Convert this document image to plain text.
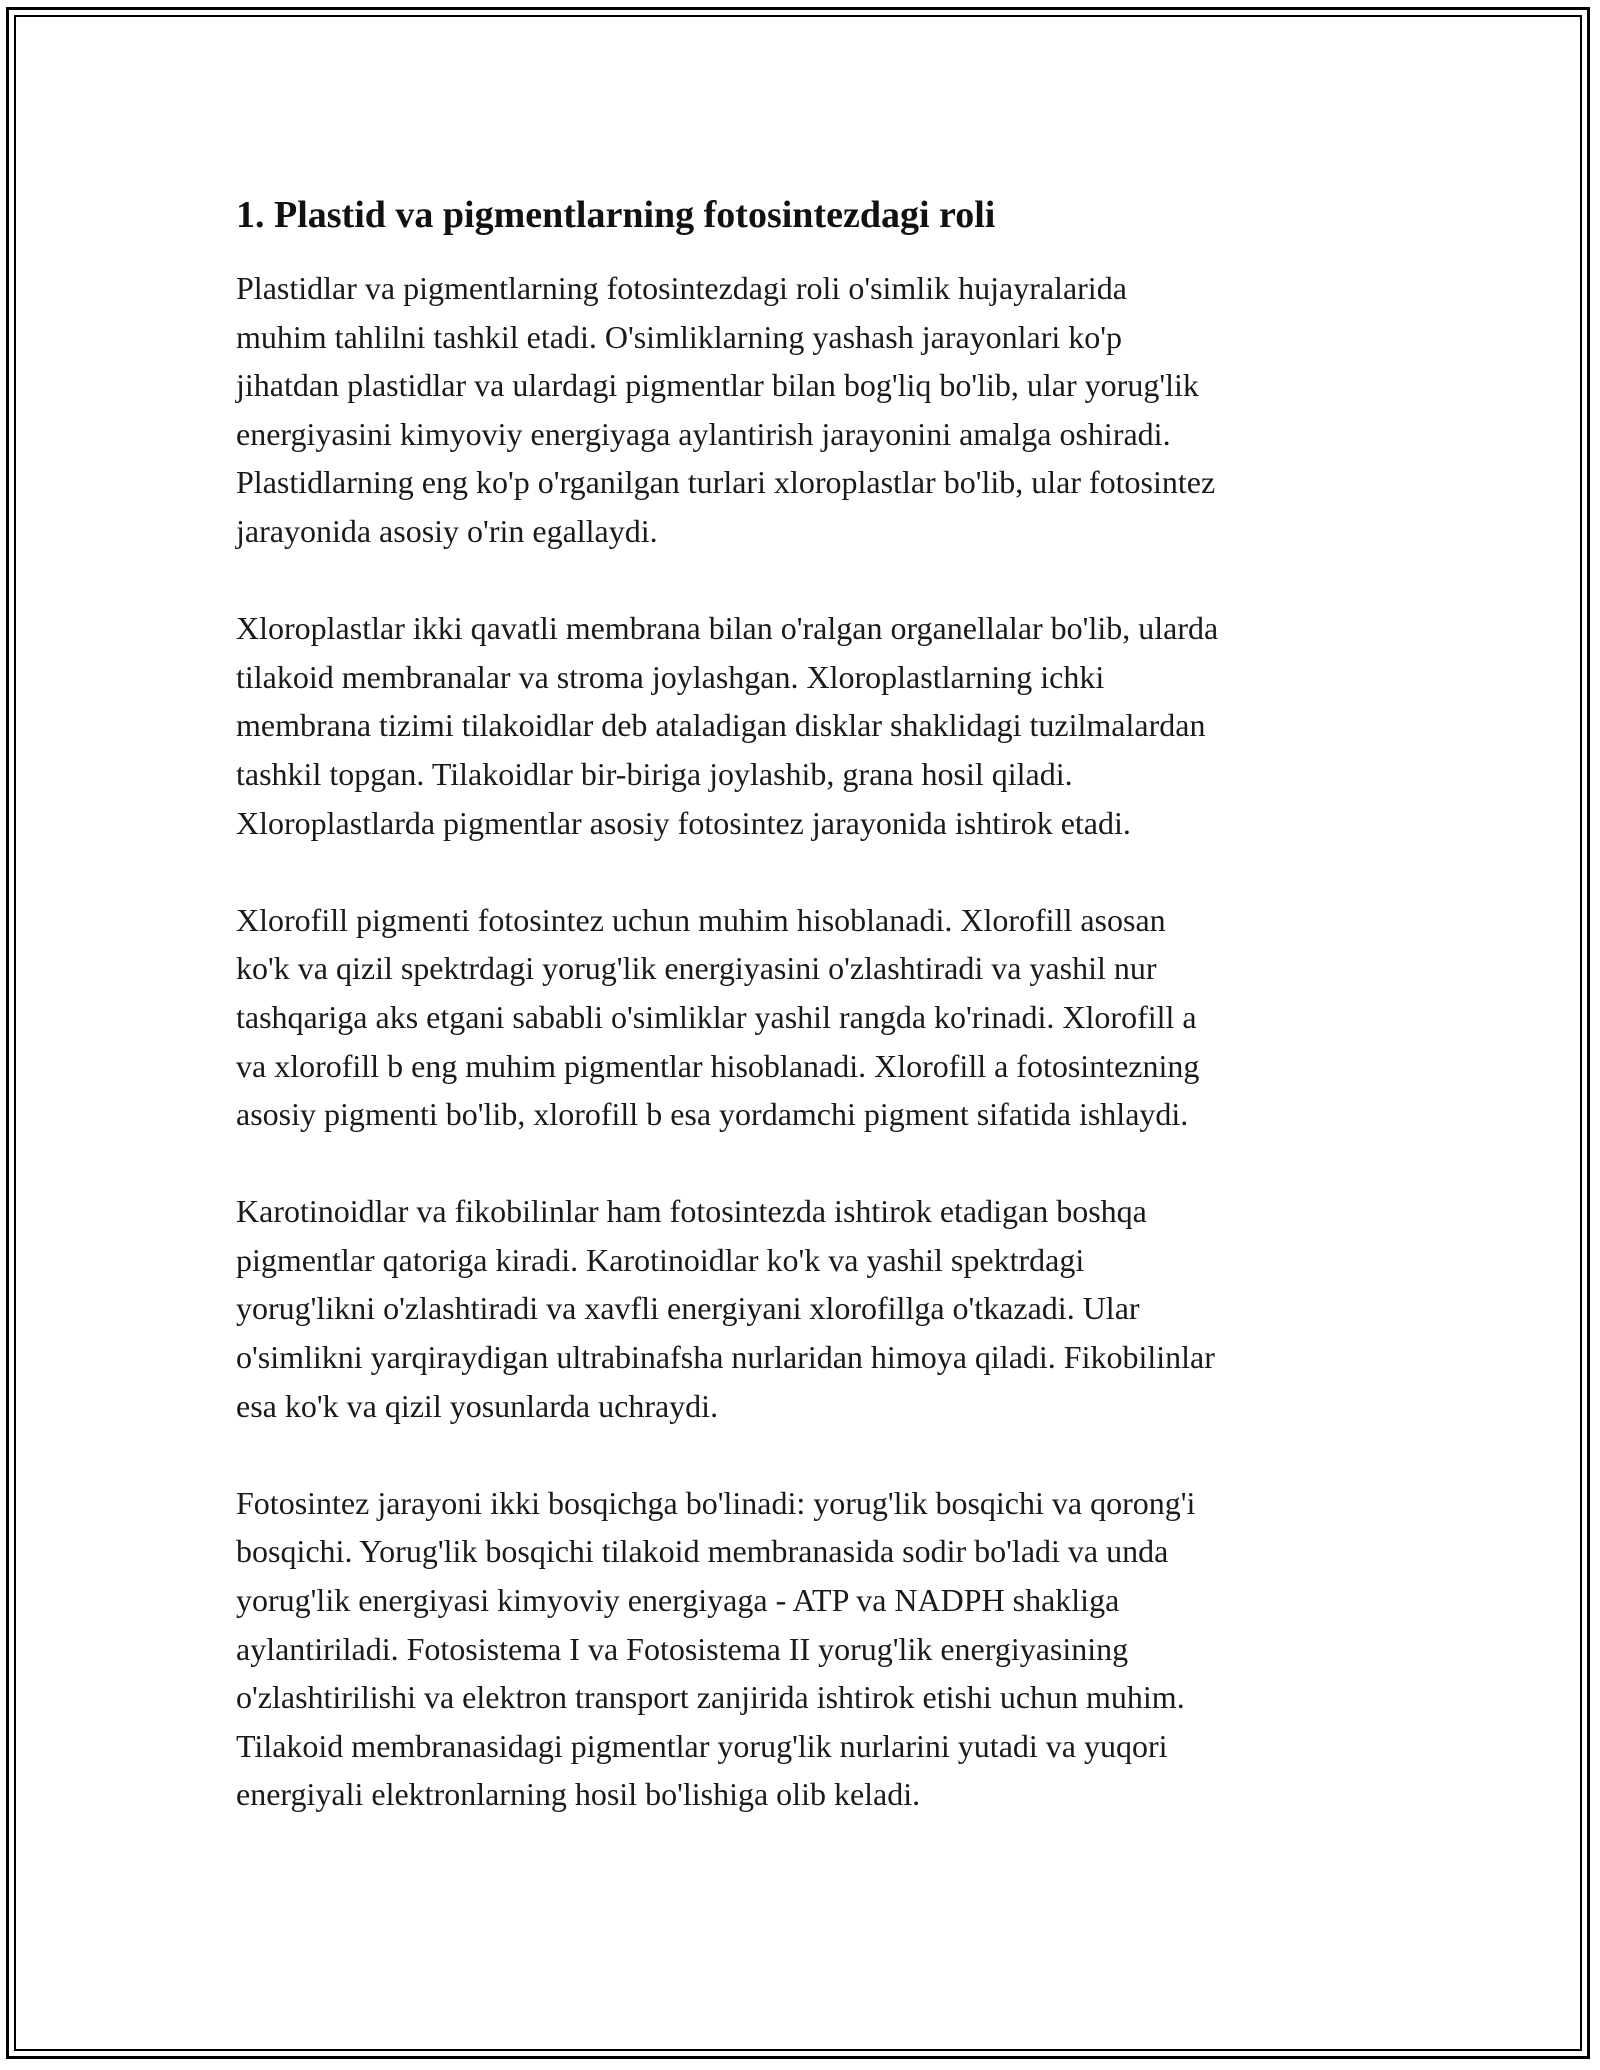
1. Plastid va pigmentlarning fotosintezdagi roli

Plastidlar va pigmentlarning fotosintezdagi roli o'simlik hujayralarida
muhim tahlilni tashkil etadi. O'simliklarning yashash jarayonlari ko'p
jihatdan plastidlar va ulardagi pigmentlar bilan bog'liq bo'lib, ular yorug'lik
energiyasini kimyoviy energiyaga aylantirish jarayonini amalga oshiradi.
Plastidlarning eng ko'p o'rganilgan turlari xloroplastlar bo'lib, ular fotosintez
jarayonida asosiy o'rin egallaydi.

Xloroplastlar ikki qavatli membrana bilan o'ralgan organellalar bo'lib, ularda
tilakoid membranalar va stroma joylashgan. Xloroplastlarning ichki
membrana tizimi tilakoidlar deb ataladigan disklar shaklidagi tuzilmalardan
tashkil topgan. Tilakoidlar bir-biriga joylashib, grana hosil qiladi.
Xloroplastlarda pigmentlar asosiy fotosintez jarayonida ishtirok etadi.

Xlorofill pigmenti fotosintez uchun muhim hisoblanadi. Xlorofill asosan
ko'k va qizil spektrdagi yorug'lik energiyasini o'zlashtiradi va yashil nur
tashqariga aks etgani sababli o'simliklar yashil rangda ko'rinadi. Xlorofill a
va xlorofill b eng muhim pigmentlar hisoblanadi. Xlorofill a fotosintezning
asosiy pigmenti bo'lib, xlorofill b esa yordamchi pigment sifatida ishlaydi.

Karotinoidlar va fikobilinlar ham fotosintezda ishtirok etadigan boshqa
pigmentlar qatoriga kiradi. Karotinoidlar ko'k va yashil spektrdagi
yorug'likni o'zlashtiradi va xavfli energiyani xlorofillga o'tkazadi. Ular
o'simlikni yarqiraydigan ultrabinafsha nurlaridan himoya qiladi. Fikobilinlar
esa ko'k va qizil yosunlarda uchraydi.

Fotosintez jarayoni ikki bosqichga bo'linadi: yorug'lik bosqichi va qorong'i
bosqichi. Yorug'lik bosqichi tilakoid membranasida sodir bo'ladi va unda
yorug'lik energiyasi kimyoviy energiyaga - ATP va NADPH shakliga
aylantiriladi. Fotosistema I va Fotosistema II yorug'lik energiyasining
o'zlashtirilishi va elektron transport zanjirida ishtirok etishi uchun muhim.
Tilakoid membranasidagi pigmentlar yorug'lik nurlarini yutadi va yuqori
energiyali elektronlarning hosil bo'lishiga olib keladi.
